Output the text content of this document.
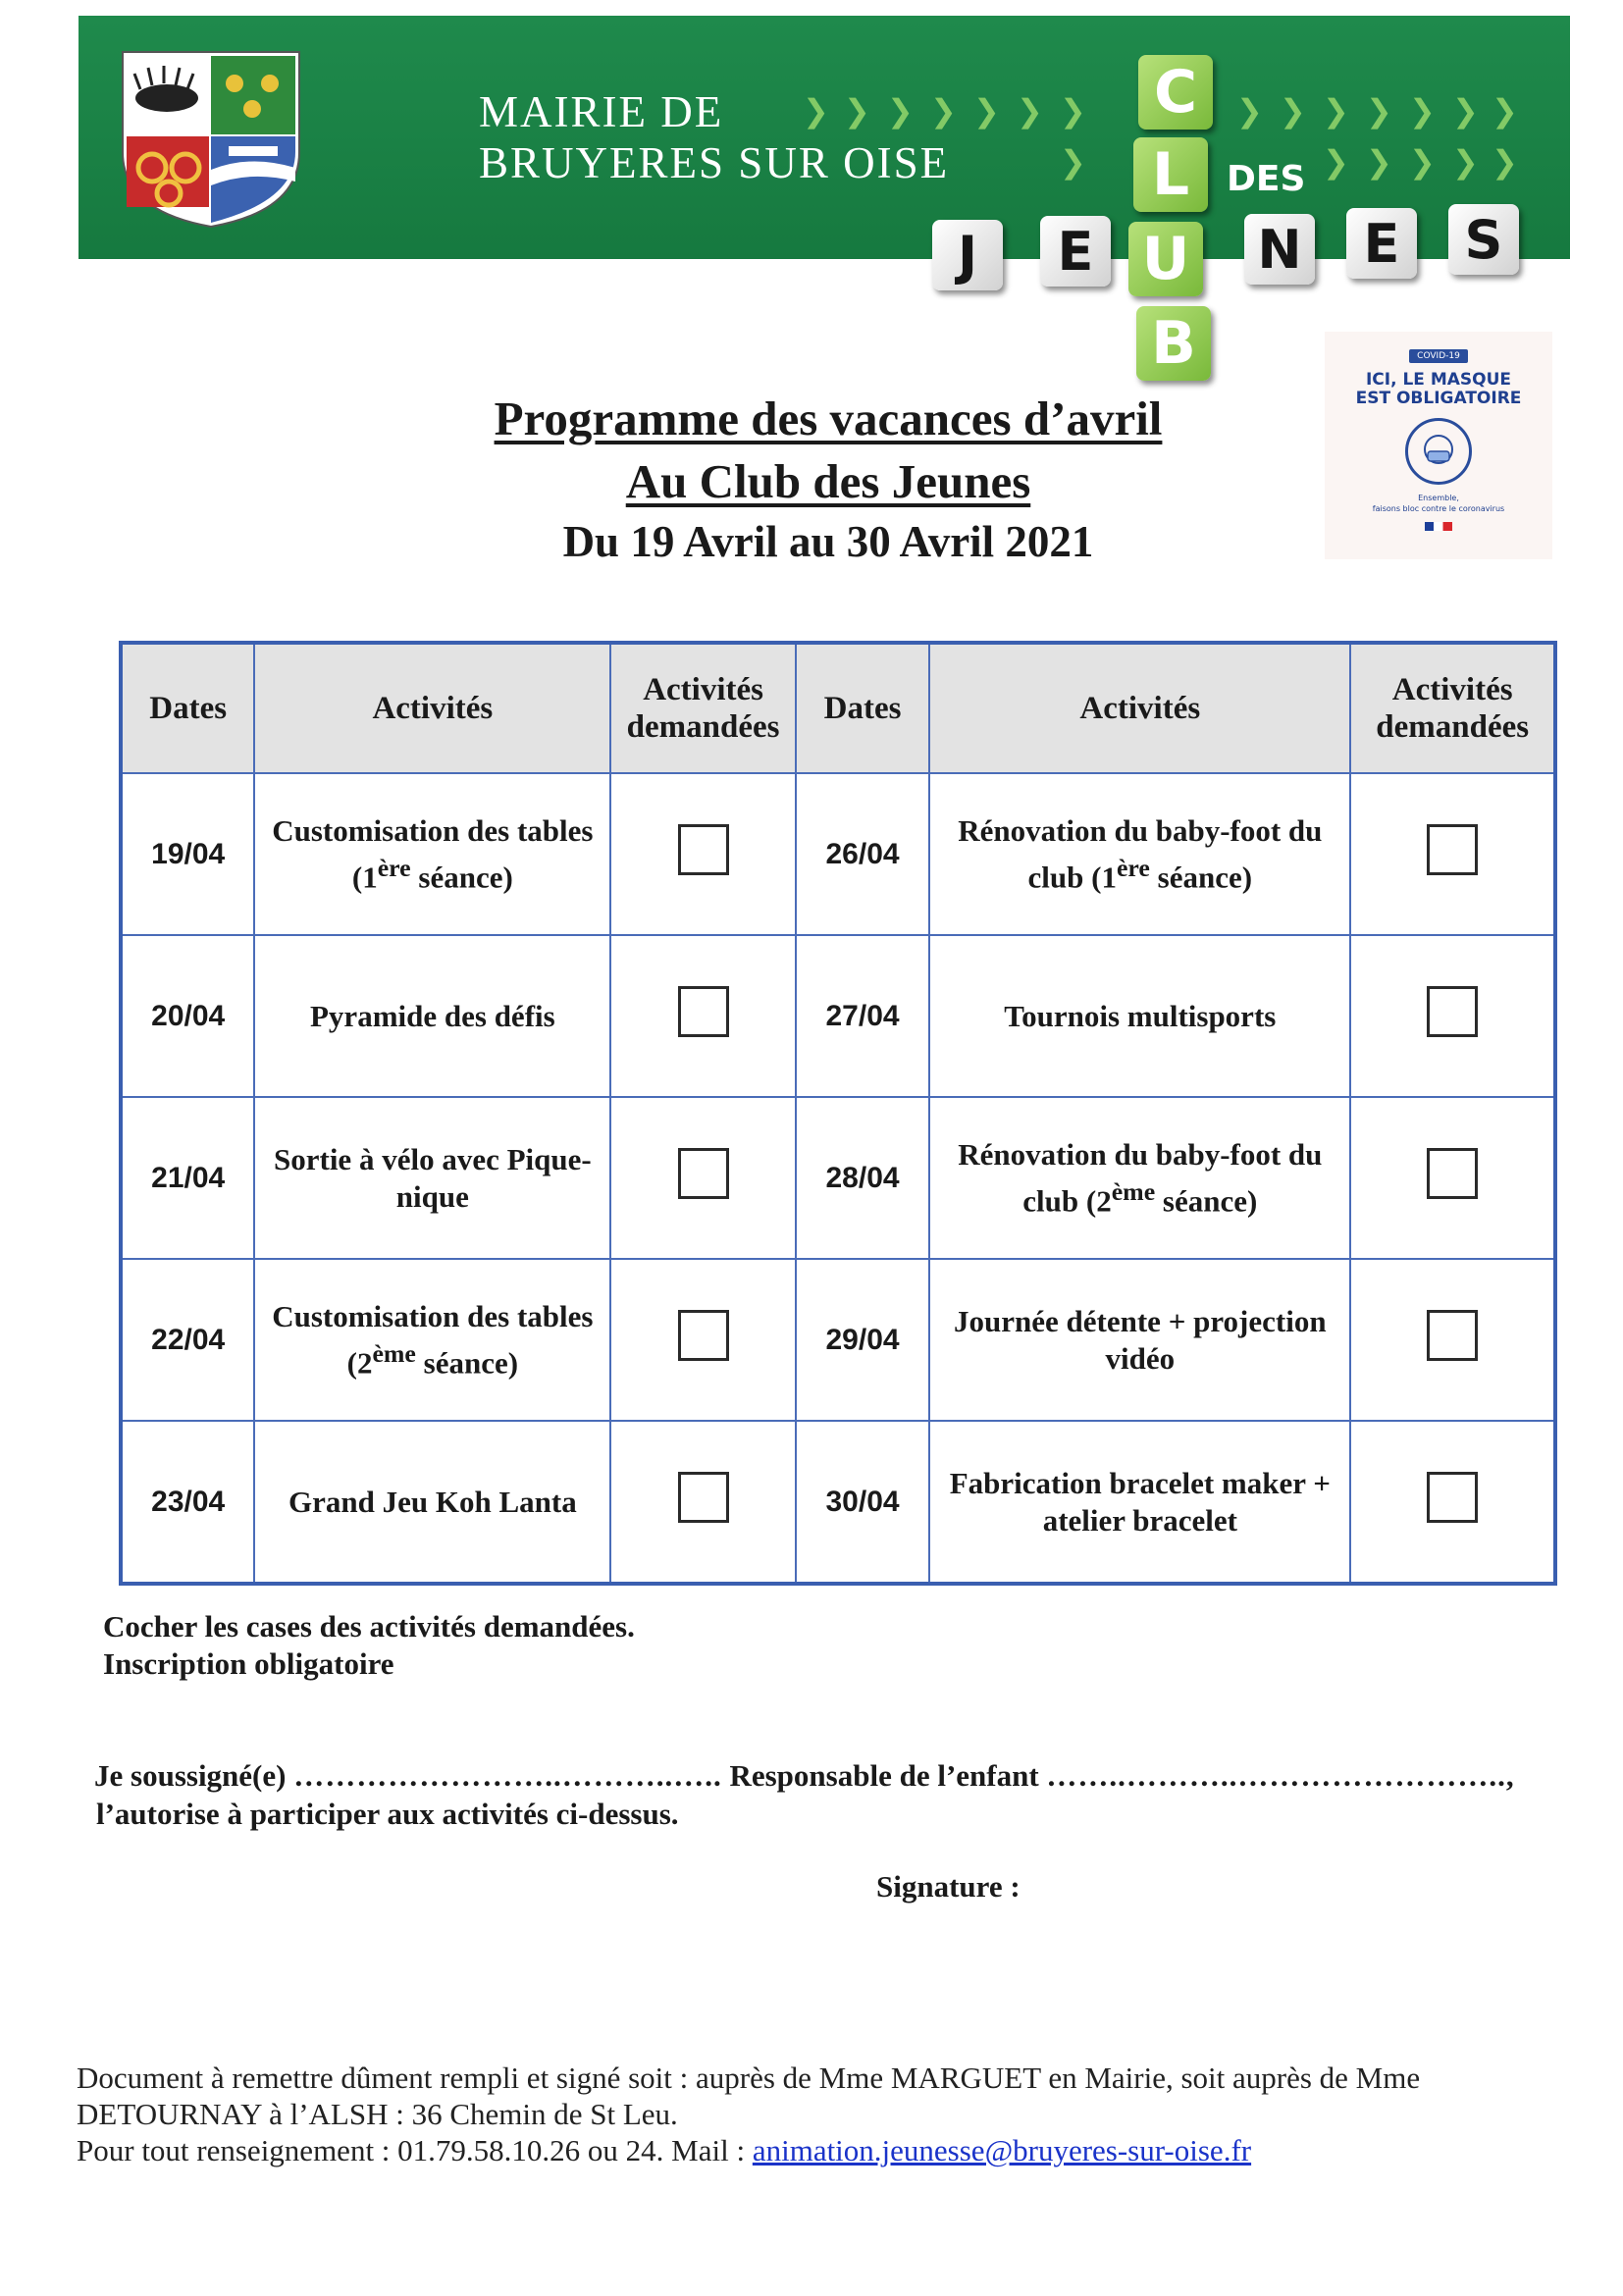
MAIRIE DE
BRUYERES SUR OISE
❯ ❯ ❯ ❯ ❯ ❯ ❯	❯ ❯ ❯ ❯ ❯ ❯ ❯
❯	❯ ❯ ❯ ❯ ❯
C
L
U
B
DES
J	E	N	E	S
COVID-19
ICI, LE MASQUE
EST OBLIGATOIRE
Ensemble,
faisons bloc contre le coronavirus
Programme des vacances d’avril
Au Club des Jeunes
Du 19 Avril au 30 Avril 2021
Dates	Activités	Activités demandées	Dates	Activités	Activités demandées
19/04	Customisation des tables (1ère séance)		26/04	Rénovation du baby-foot du club (1ère séance)	
20/04	Pyramide des défis		27/04	Tournois multisports	
21/04	Sortie à vélo avec Pique-nique		28/04	Rénovation du baby-foot du club (2ème séance)	
22/04	Customisation des tables (2ème séance)		29/04	Journée détente + projection vidéo	
23/04	Grand Jeu Koh Lanta		30/04	Fabrication bracelet maker + atelier bracelet	
Cocher les cases des activités demandées.
Inscription obligatoire
Je soussigné(e) ……………………..………..….. Responsable de l’enfant ……..………..……………………..,
l’autorise à participer aux activités ci-dessus.
Signature :
Document à remettre dûment rempli et signé soit : auprès de Mme MARGUET en Mairie, soit auprès de Mme
DETOURNAY à l’ALSH : 36 Chemin de St Leu.
Pour tout renseignement : 01.79.58.10.26 ou 24. Mail : animation.jeunesse@bruyeres-sur-oise.fr
